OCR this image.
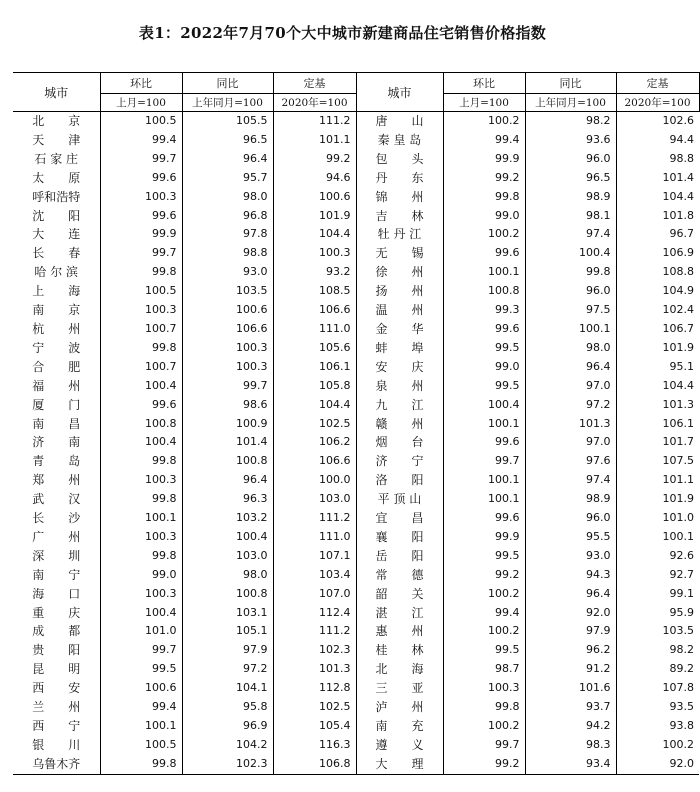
表1：2022年7月70个大中城市新建商品住宅销售价格指数
城市	环比	同比	定基	城市	环比	同比	定基
	上月=100	上年同月=100	2020年=100		上月=100	上年同月=100	2020年=100
北　　京	100.5	105.5	111.2	唐　　山	100.2	98.2	102.6
天　　津	99.4	96.5	101.1	秦 皇 岛	99.4	93.6	94.4
石 家 庄	99.7	96.4	99.2	包　　头	99.9	96.0	98.8
太　　原	99.6	95.7	94.6	丹　　东	99.2	96.5	101.4
呼和浩特	100.3	98.0	100.6	锦　　州	99.8	98.9	104.4
沈　　阳	99.6	96.8	101.9	吉　　林	99.0	98.1	101.8
大　　连	99.9	97.8	104.4	牡 丹 江	100.2	97.4	96.7
长　　春	99.7	98.8	100.3	无　　锡	99.6	100.4	106.9
哈 尔 滨	99.8	93.0	93.2	徐　　州	100.1	99.8	108.8
上　　海	100.5	103.5	108.5	扬　　州	100.8	96.0	104.9
南　　京	100.3	100.6	106.6	温　　州	99.3	97.5	102.4
杭　　州	100.7	106.6	111.0	金　　华	99.6	100.1	106.7
宁　　波	99.8	100.3	105.6	蚌　　埠	99.5	98.0	101.9
合　　肥	100.7	100.3	106.1	安　　庆	99.0	96.4	95.1
福　　州	100.4	99.7	105.8	泉　　州	99.5	97.0	104.4
厦　　门	99.6	98.6	104.4	九　　江	100.4	97.2	101.3
南　　昌	100.8	100.9	102.5	赣　　州	100.1	101.3	106.1
济　　南	100.4	101.4	106.2	烟　　台	99.6	97.0	101.7
青　　岛	99.8	100.8	106.6	济　　宁	99.7	97.6	107.5
郑　　州	100.3	96.4	100.0	洛　　阳	100.1	97.4	101.1
武　　汉	99.8	96.3	103.0	平 顶 山	100.1	98.9	101.9
长　　沙	100.1	103.2	111.2	宜　　昌	99.6	96.0	101.0
广　　州	100.3	100.4	111.0	襄　　阳	99.9	95.5	100.1
深　　圳	99.8	103.0	107.1	岳　　阳	99.5	93.0	92.6
南　　宁	99.0	98.0	103.4	常　　德	99.2	94.3	92.7
海　　口	100.3	100.8	107.0	韶　　关	100.2	96.4	99.1
重　　庆	100.4	103.1	112.4	湛　　江	99.4	92.0	95.9
成　　都	101.0	105.1	111.2	惠　　州	100.2	97.9	103.5
贵　　阳	99.7	97.9	102.3	桂　　林	99.5	96.2	98.2
昆　　明	99.5	97.2	101.3	北　　海	98.7	91.2	89.2
西　　安	100.6	104.1	112.8	三　　亚	100.3	101.6	107.8
兰　　州	99.4	95.8	102.5	泸　　州	99.8	93.7	93.5
西　　宁	100.1	96.9	105.4	南　　充	100.2	94.2	93.8
银　　川	100.5	104.2	116.3	遵　　义	99.7	98.3	100.2
乌鲁木齐	99.8	102.3	106.8	大　　理	99.2	93.4	92.0
